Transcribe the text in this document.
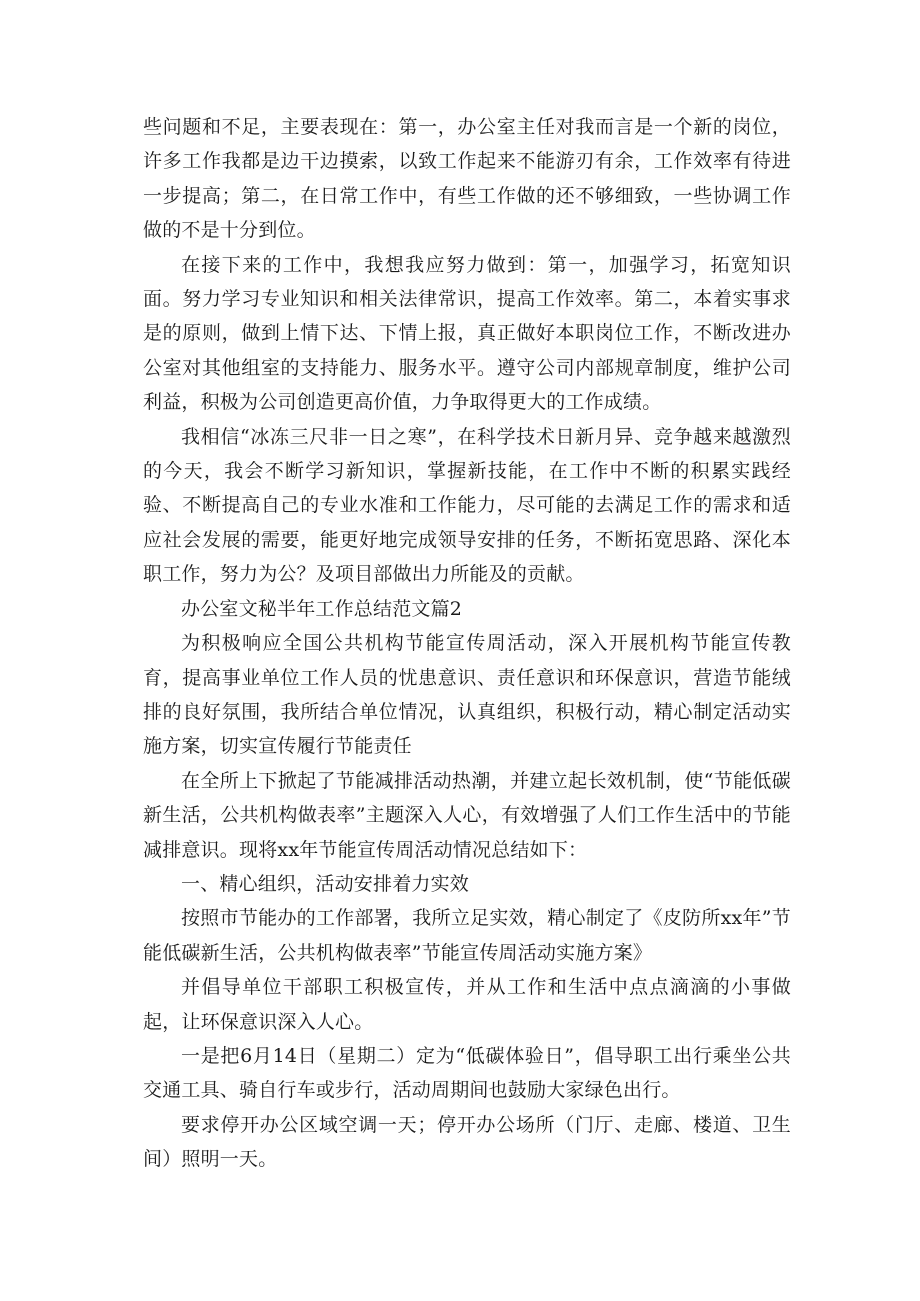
些问题和不足，主要表现在：第一，办公室主任对我而言是一个新的岗位，许多工作我都是边干边摸索，以致工作起来不能游刃有余，工作效率有待进一步提高；第二，在日常工作中，有些工作做的还不够细致，一些协调工作做的不是十分到位。

在接下来的工作中，我想我应努力做到：第一，加强学习，拓宽知识面。努力学习专业知识和相关法律常识，提高工作效率。第二，本着实事求是的原则，做到上情下达、下情上报，真正做好本职岗位工作，不断改进办公室对其他组室的支持能力、服务水平。遵守公司内部规章制度，维护公司利益，积极为公司创造更高价值，力争取得更大的工作成绩。

我相信“冰冻三尺非一日之寒”，在科学技术日新月异、竞争越来越激烈的今天，我会不断学习新知识，掌握新技能，在工作中不断的积累实践经验、不断提高自己的专业水准和工作能力，尽可能的去满足工作的需求和适应社会发展的需要，能更好地完成领导安排的任务，不断拓宽思路、深化本职工作，努力为公？及项目部做出力所能及的贡献。

办公室文秘半年工作总结范文篇2

为积极响应全国公共机构节能宣传周活动，深入开展机构节能宣传教育，提高事业单位工作人员的忧患意识、责任意识和环保意识，营造节能绒排的良好氛围，我所结合单位情况，认真组织，积极行动，精心制定活动实施方案，切实宣传履行节能责任

在全所上下掀起了节能减排活动热潮，并建立起长效机制，使“节能低碳新生活，公共机构做表率”主题深入人心，有效增强了人们工作生活中的节能减排意识。现将xx年节能宣传周活动情况总结如下：

一、精心组织，活动安排着力实效

按照市节能办的工作部署，我所立足实效，精心制定了《皮防所xx年”节能低碳新生活，公共机构做表率”节能宣传周活动实施方案》

并倡导单位干部职工积极宣传，并从工作和生活中点点滴滴的小事做起，让环保意识深入人心。

一是把6月14日（星期二）定为“低碳体验日”，倡导职工出行乘坐公共交通工具、骑自行车或步行，活动周期间也鼓励大家绿色出行。

要求停开办公区域空调一天；停开办公场所（门厅、走廊、楼道、卫生间）照明一天。
